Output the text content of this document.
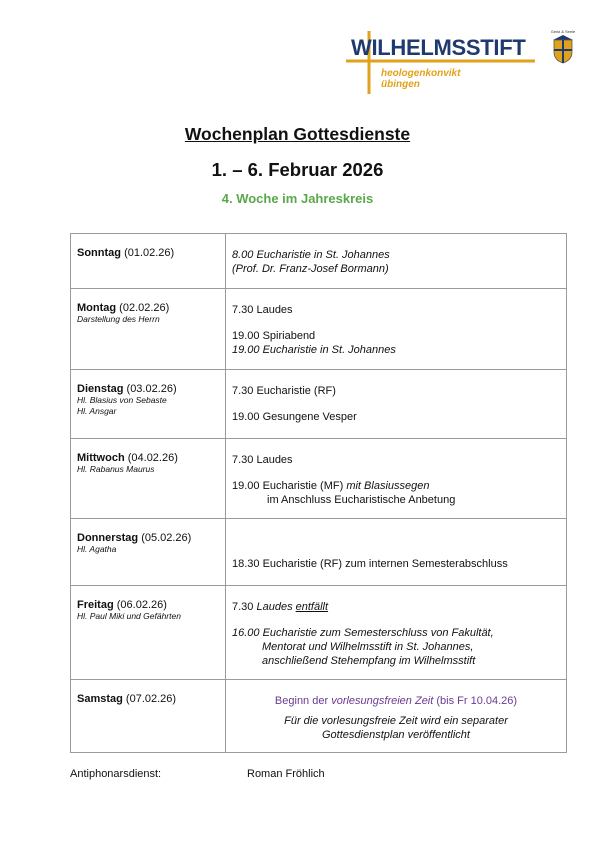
WILHELMSSTIFT
heologenkonvikt
übingen
Geist & Seele
Wochenplan Gottesdienste
1. – 6. Februar 2026
4. Woche im Jahreskreis
Sonntag (01.02.26)	8.00 Eucharistie in St. Johannes
(Prof. Dr. Franz-Josef Bormann)

Montag (02.02.26)
Darstellung des Herrn	7.30 Laudes
19.00 Spiriabend
19.00 Eucharistie in St. Johannes

Dienstag (03.02.26)
Hl. Blasius von Sebaste
Hl. Ansgar	7.30 Eucharistie (RF)
19.00 Gesungene Vesper

Mittwoch (04.02.26)
Hl. Rabanus Maurus	7.30 Laudes
19.00 Eucharistie (MF) mit Blasiussegen
im Anschluss Eucharistische Anbetung

Donnerstag (05.02.26)
Hl. Agatha	18.30 Eucharistie (RF) zum internen Semesterabschluss

Freitag (06.02.26)
Hl. Paul Miki und Gefährten	7.30 Laudes entfällt
16.00 Eucharistie zum Semesterschluss von Fakultät,
Mentorat und Wilhelmsstift in St. Johannes,
anschließend Stehempfang im Wilhelmsstift

Samstag (07.02.26)	Beginn der vorlesungsfreien Zeit (bis Fr 10.04.26)
Für die vorlesungsfreie Zeit wird ein separater
Gottesdienstplan veröffentlicht
Antiphonarsdienst:	Roman Fröhlich
